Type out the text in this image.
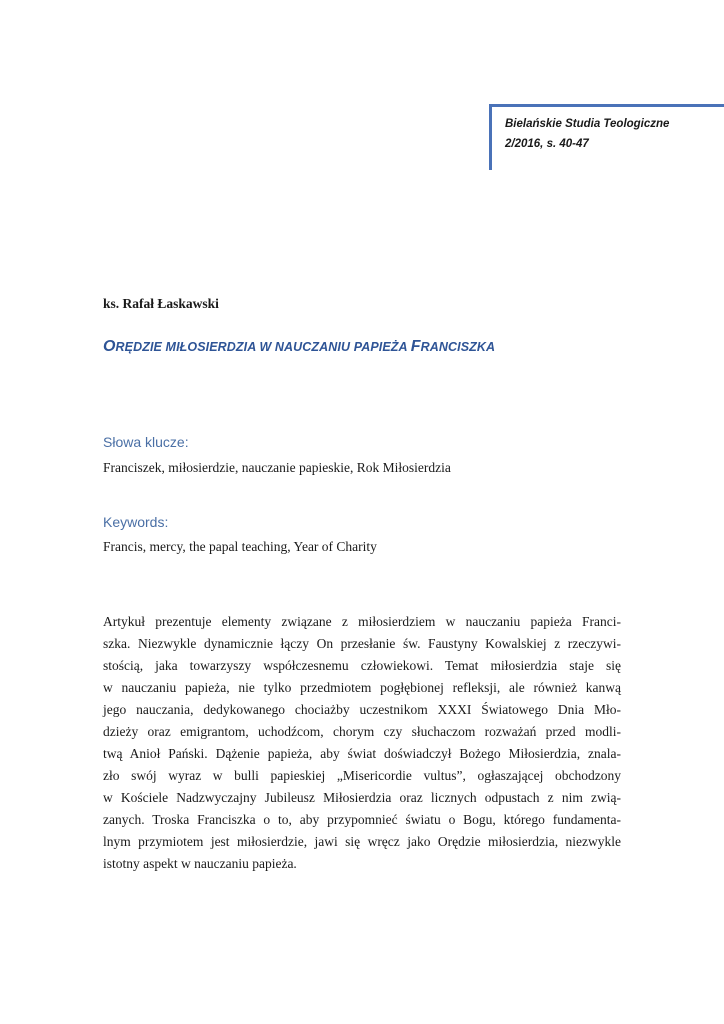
Bielańskie Studia Teologiczne
2/2016, s. 40-47
ks. Rafał Łaskawski
ORĘDZIE MIŁOSIERDZIA W NAUCZANIU PAPIEŻA FRANCISZKA
Słowa klucze:
Franciszek, miłosierdzie, nauczanie papieskie, Rok Miłosierdzia
Keywords:
Francis, mercy, the papal teaching, Year of Charity
Artykuł prezentuje elementy związane z miłosierdziem w nauczaniu papieża Franci-
szka. Niezwykle dynamicznie łączy On przesłanie św. Faustyny Kowalskiej z rzeczywi-
stością, jaka towarzyszy współczesnemu człowiekowi. Temat miłosierdzia staje się
w nauczaniu papieża, nie tylko przedmiotem pogłębionej refleksji, ale również kanwą
jego nauczania, dedykowanego chociażby uczestnikom XXXI Światowego Dnia Mło-
dzieży oraz emigrantom, uchodźcom, chorym czy słuchaczom rozważań przed modli-
twą Anioł Pański. Dążenie papieża, aby świat doświadczył Bożego Miłosierdzia, znala-
zło swój wyraz w bulli papieskiej „Misericordie vultus”, ogłaszającej obchodzony
w Kościele Nadzwyczajny Jubileusz Miłosierdzia oraz licznych odpustach z nim zwią-
zanych. Troska Franciszka o to, aby przypomnieć światu o Bogu, którego fundamenta-
lnym przymiotem jest miłosierdzie, jawi się wręcz jako Orędzie miłosierdzia, niezwykle
istotny aspekt w nauczaniu papieża.
